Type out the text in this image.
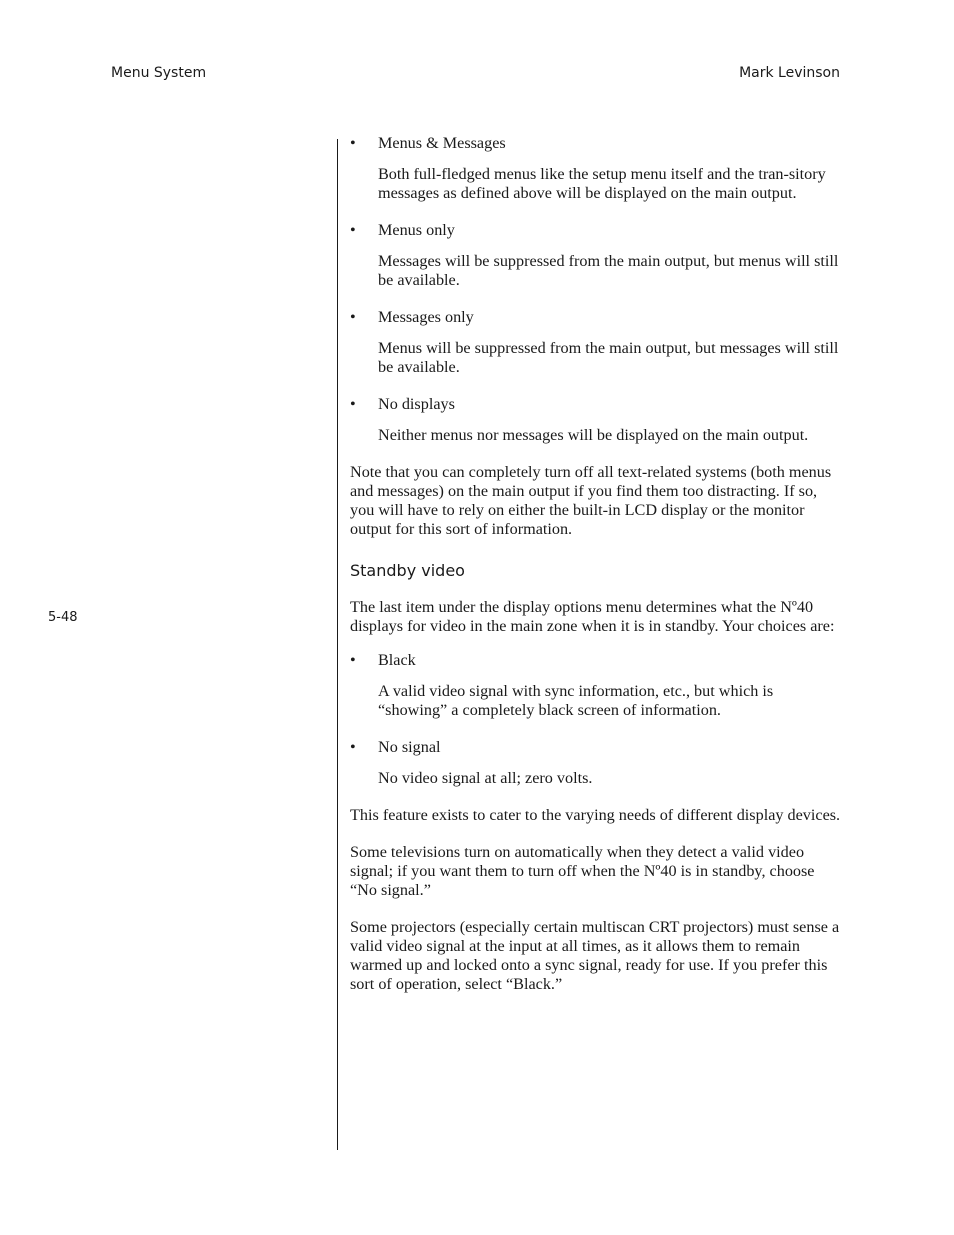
Menu System	Mark Levinson
5-48

• Menus & Messages

Both full-fledged menus like the setup menu itself and the tran-sitory messages as defined above will be displayed on the main output.

• Menus only

Messages will be suppressed from the main output, but menus will still be available.

• Messages only

Menus will be suppressed from the main output, but messages will still be available.

• No displays

Neither menus nor messages will be displayed on the main output.

Note that you can completely turn off all text-related systems (both menus and messages) on the main output if you find them too distracting. If so, you will have to rely on either the built-in LCD display or the monitor output for this sort of information.

Standby video

The last item under the display options menu determines what the Nº40 displays for video in the main zone when it is in standby. Your choices are:

• Black

A valid video signal with sync information, etc., but which is “showing” a completely black screen of information.

• No signal

No video signal at all; zero volts.

This feature exists to cater to the varying needs of different display devices.

Some televisions turn on automatically when they detect a valid video signal; if you want them to turn off when the Nº40 is in standby, choose “No signal.”

Some projectors (especially certain multiscan CRT projectors) must sense a valid video signal at the input at all times, as it allows them to remain warmed up and locked onto a sync signal, ready for use. If you prefer this sort of operation, select “Black.”
